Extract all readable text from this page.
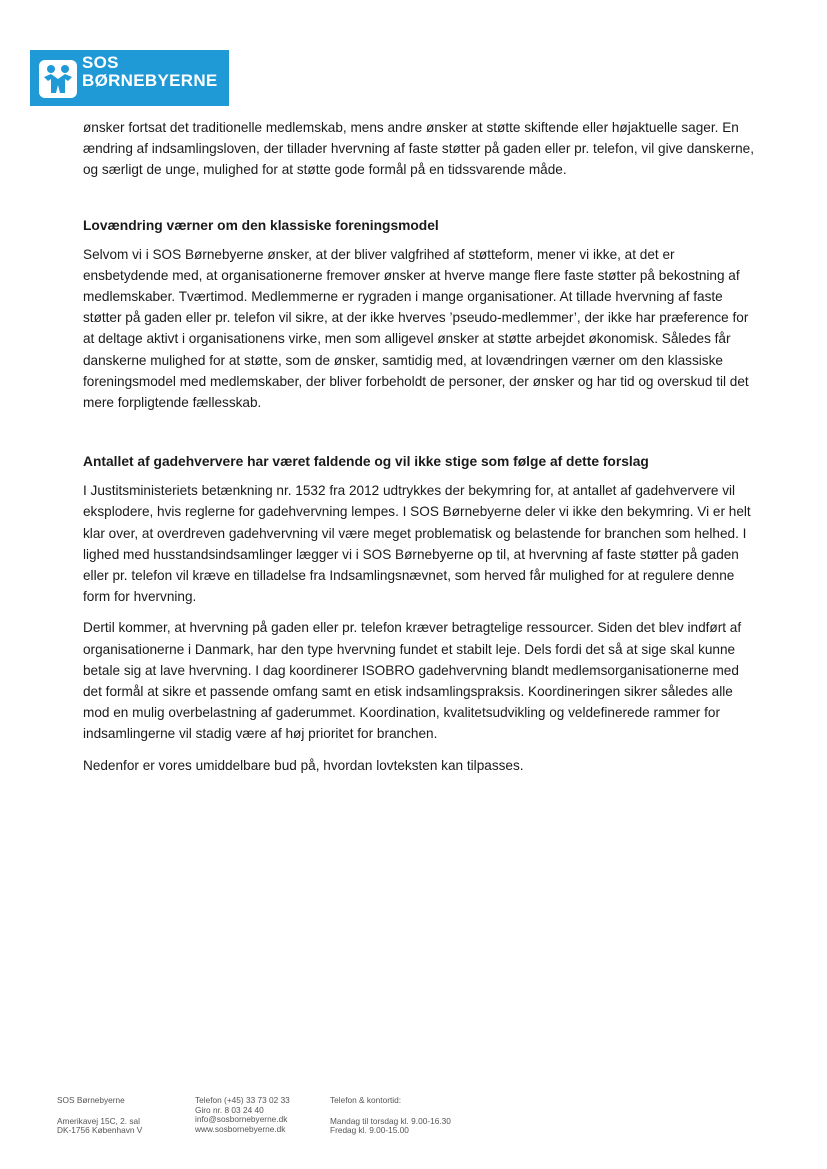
SOS
BØRNEBYERNE

ønsker fortsat det traditionelle medlemskab, mens andre ønsker at støtte skiftende eller højaktuelle sager. En ændring af indsamlingsloven, der tillader hvervning af faste støtter på gaden eller pr. telefon, vil give danskerne, og særligt de unge, mulighed for at støtte gode formål på en tidssvarende måde.

Lovændring værner om den klassiske foreningsmodel

Selvom vi i SOS Børnebyerne ønsker, at der bliver valgfrihed af støtteform, mener vi ikke, at det er ensbetydende med, at organisationerne fremover ønsker at hverve mange flere faste støtter på bekostning af medlemskaber. Tværtimod. Medlemmerne er rygraden i mange organisationer. At tillade hvervning af faste støtter på gaden eller pr. telefon vil sikre, at der ikke hverves ’pseudo-medlemmer’, der ikke har præference for at deltage aktivt i organisationens virke, men som alligevel ønsker at støtte arbejdet økonomisk. Således får danskerne mulighed for at støtte, som de ønsker, samtidig med, at lovændringen værner om den klassiske foreningsmodel med medlemskaber, der bliver forbeholdt de personer, der ønsker og har tid og overskud til det mere forpligtende fællesskab.

Antallet af gadehververe har været faldende og vil ikke stige som følge af dette forslag

I Justitsministeriets betænkning nr. 1532 fra 2012 udtrykkes der bekymring for, at antallet af gadehververe vil eksplodere, hvis reglerne for gadehvervning lempes. I SOS Børnebyerne deler vi ikke den bekymring. Vi er helt klar over, at overdreven gadehvervning vil være meget problematisk og belastende for branchen som helhed. I lighed med husstandsindsamlinger lægger vi i SOS Børnebyerne op til, at hvervning af faste støtter på gaden eller pr. telefon vil kræve en tilladelse fra Indsamlingsnævnet, som herved får mulighed for at regulere denne form for hvervning.

Dertil kommer, at hvervning på gaden eller pr. telefon kræver betragtelige ressourcer. Siden det blev indført af organisationerne i Danmark, har den type hvervning fundet et stabilt leje. Dels fordi det så at sige skal kunne betale sig at lave hvervning. I dag koordinerer ISOBRO gadehvervning blandt medlemsorganisationerne med det formål at sikre et passende omfang samt en etisk indsamlingspraksis. Koordineringen sikrer således alle mod en mulig overbelastning af gaderummet. Koordination, kvalitetsudvikling og veldefinerede rammer for indsamlingerne vil stadig være af høj prioritet for branchen.

Nedenfor er vores umiddelbare bud på, hvordan lovteksten kan tilpasses.

SOS Børnebyerne
Amerikavej 15C, 2. sal
DK-1756 København V
Telefon (+45) 33 73 02 33
Giro nr. 8 03 24 40
info@sosbornebyerne.dk
www.sosbornebyerne.dk
Telefon & kontortid:
Mandag til torsdag kl. 9.00-16.30
Fredag kl. 9.00-15.00
